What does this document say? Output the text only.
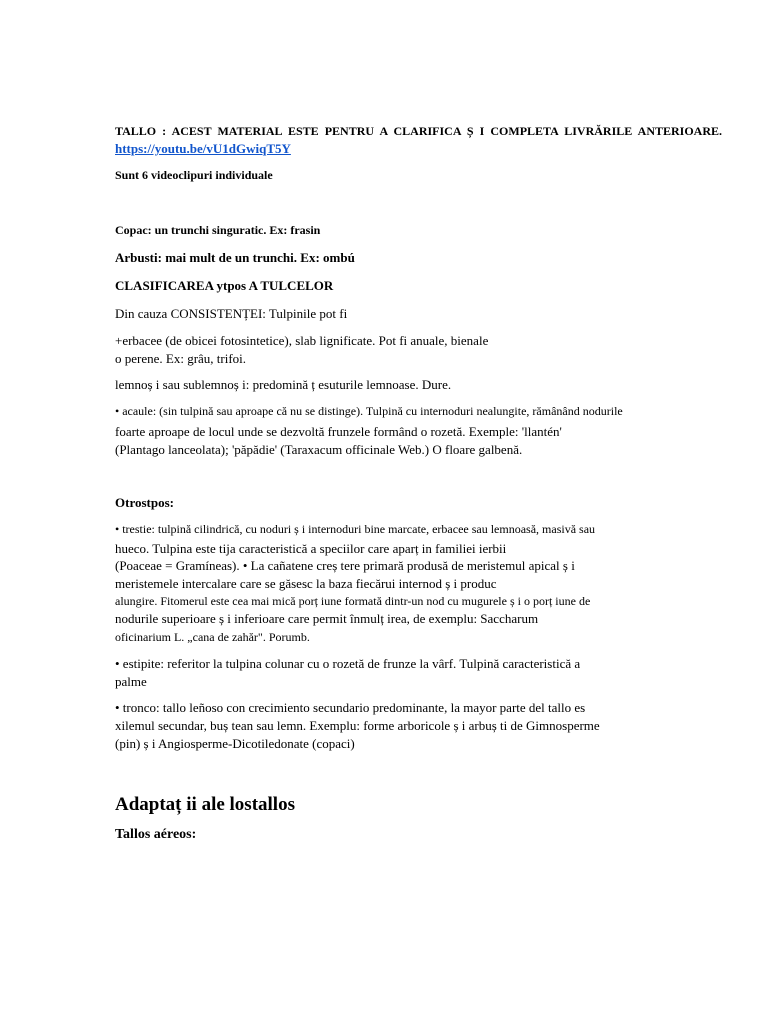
TALLO : ACEST MATERIAL ESTE PENTRU A CLARIFICA Ș I COMPLETA LIVRĂRILE ANTERIOARE.
https://youtu.be/vU1dGwiqT5Y
Sunt 6 videoclipuri individuale
Copac: un trunchi singuratic. Ex: frasin
Arbusti: mai mult de un trunchi. Ex: ombú
CLASIFICAREA ytpos A TULCELOR
Din cauza CONSISTENȚEI: Tulpinile pot fi
+erbacee (de obicei fotosintetice), slab lignificate. Pot fi anuale, bienale
o perene. Ex: grâu, trifoi.
lemnoș i sau sublemnoș i: predomină ț esuturile lemnoase. Dure.
• acaule: (sin tulpină sau aproape că nu se distinge). Tulpină cu internoduri nealungite, rămânând nodurile
foarte aproape de locul unde se dezvoltă frunzele formând o rozetă. Exemple: 'llantén'
(Plantago lanceolata); 'păpădie' (Taraxacum officinale Web.) O floare galbenă.
Otrostpos:
• trestie: tulpină cilindrică, cu noduri ș i internoduri bine marcate, erbacee sau lemnoasă, masivă sau
hueco. Tulpina este tija caracteristică a speciilor care aparț in familiei ierbii
(Poaceae = Gramíneas). • La cañatene creș tere primară produsă de meristemul apical ș i
meristemele intercalare care se găsesc la baza fiecărui internod ș i produc
alungire. Fitomerul este cea mai mică porț iune formată dintr-un nod cu mugurele ș i o porț iune de
nodurile superioare ș i inferioare care permit înmulț irea, de exemplu: Saccharum
oficinarium L. „cana de zahăr". Porumb.
• estipite: referitor la tulpina colunar cu o rozetă de frunze la vârf. Tulpină caracteristică a
palme
• tronco: tallo leñoso con crecimiento secundario predominante, la mayor parte del tallo es
xilemul secundar, buș tean sau lemn. Exemplu: forme arboricole ș i arbuș ti de Gimnosperme
(pin) ș i Angiosperme-Dicotiledonate (copaci)
Adaptaț ii ale lostallos
Tallos aéreos:
